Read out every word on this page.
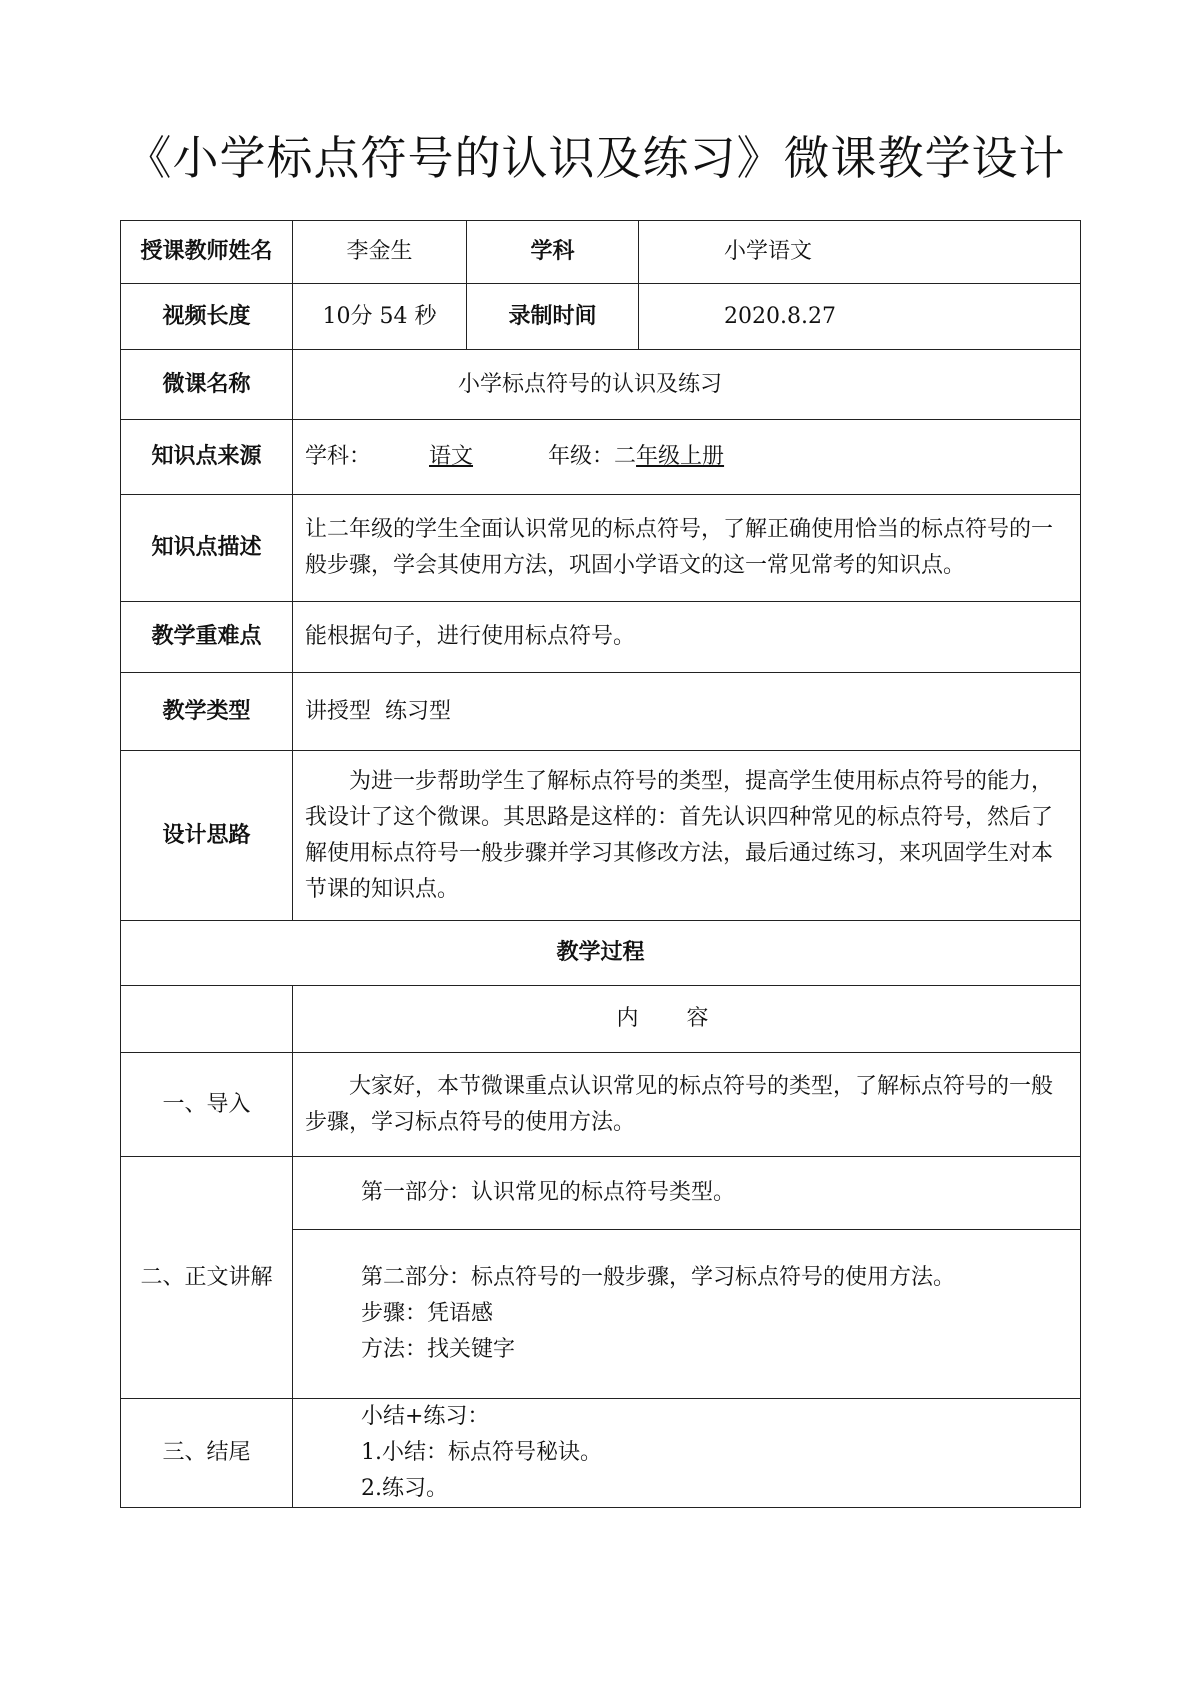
《小学标点符号的认识及练习》微课教学设计
授课教师姓名	李金生	学科	小学语文
视频长度	10分 54 秒	录制时间	2020.8.27
微课名称	小学标点符号的认识及练习		
知识点来源	学科： 语文 年级：二年级上册		
知识点描述	让二年级的学生全面认识常见的标点符号，了解正确使用恰当的标点符号的一般步骤，学会其使用方法，巩固小学语文的这一常见常考的知识点。		
教学重难点	能根据句子，进行使用标点符号。		
教学类型	讲授型  练习型		
设计思路	为进一步帮助学生了解标点符号的类型，提高学生使用标点符号的能力，我设计了这个微课。其思路是这样的：首先认识四种常见的标点符号，然后了解使用标点符号一般步骤并学习其修改方法，最后通过练习，来巩固学生对本节课的知识点。		
教学过程			
	内容		
一、导入	大家好，本节微课重点认识常见的标点符号的类型，了解标点符号的一般步骤，学习标点符号的使用方法。		
二、正文讲解	第一部分：认识常见的标点符号类型。		

	第二部分：标点符号的一般步骤，学习标点符号的使用方法。
步骤：凭语感
方法：找关键字		

三、结尾	小结+练习：
1.小结：标点符号秘诀。
2.练习。		
